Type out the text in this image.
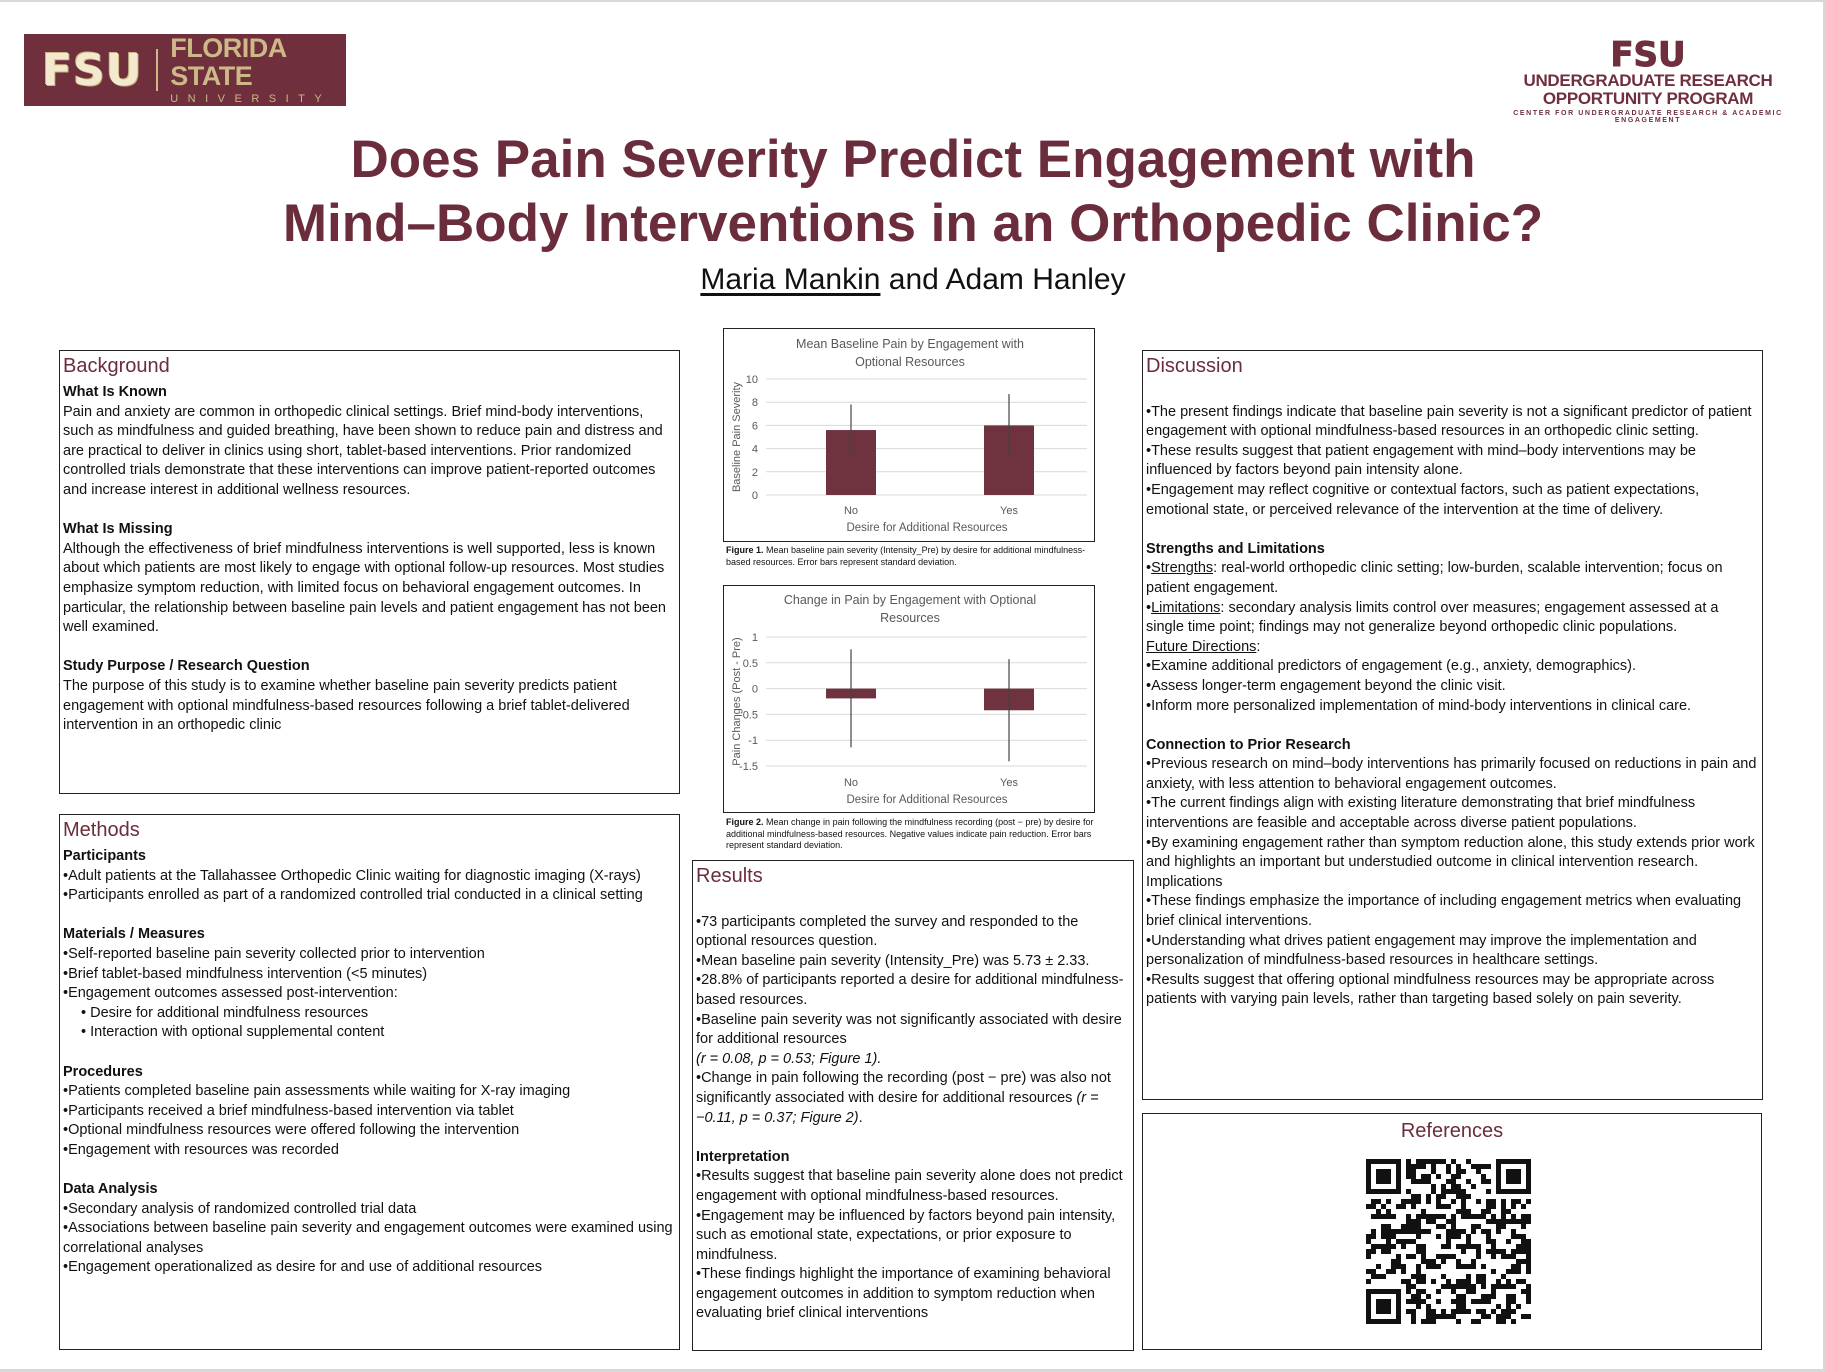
FSU FLORIDA STATE
UNIVERSITY
FSU
UNDERGRADUATE RESEARCH
OPPORTUNITY PROGRAM
CENTER FOR UNDERGRADUATE RESEARCH & ACADEMIC ENGAGEMENT
Does Pain Severity Predict Engagement with
Mind–Body Interventions in an Orthopedic Clinic?
Maria Mankin and Adam Hanley
Background
What Is Known
Pain and anxiety are common in orthopedic clinical settings. Brief mind-body interventions, such as mindfulness and guided breathing, have been shown to reduce pain and distress and are practical to deliver in clinics using short, tablet-based interventions. Prior randomized controlled trials demonstrate that these interventions can improve patient-reported outcomes and increase interest in additional wellness resources.
What Is Missing
Although the effectiveness of brief mindfulness interventions is well supported, less is known about which patients are most likely to engage with optional follow-up resources. Most studies emphasize symptom reduction, with limited focus on behavioral engagement outcomes. In particular, the relationship between baseline pain levels and patient engagement has not been well examined.
Study Purpose / Research Question
The purpose of this study is to examine whether baseline pain severity predicts patient engagement with optional mindfulness-based resources following a brief tablet-delivered intervention in an orthopedic clinic
Methods
Participants
•Adult patients at the Tallahassee Orthopedic Clinic waiting for diagnostic imaging (X-rays)
•Participants enrolled as part of a randomized controlled trial conducted in a clinical setting
Materials / Measures
•Self-reported baseline pain severity collected prior to intervention
•Brief tablet-based mindfulness intervention (<5 minutes)
•Engagement outcomes assessed post-intervention:
• Desire for additional mindfulness resources
• Interaction with optional supplemental content
Procedures
•Patients completed baseline pain assessments while waiting for X-ray imaging
•Participants received a brief mindfulness-based intervention via tablet
•Optional mindfulness resources were offered following the intervention
•Engagement with resources was recorded
Data Analysis
•Secondary analysis of randomized controlled trial data
•Associations between baseline pain severity and engagement outcomes were examined using correlational analyses
•Engagement operationalized as desire for and use of additional resources
Mean Baseline Pain by Engagement with
Optional Resources
0
2
4
6
8
10
Baseline Pain Severity
No	Yes
Desire for Additional Resources
Figure 1. Mean baseline pain severity (Intensity_Pre) by desire for additional mindfulness-based resources. Error bars represent standard deviation.
Change in Pain by Engagement with Optional
Resources
1
0.5
0
-0.5
-1
-1.5
Pain Changes (Post - Pre)
No	Yes
Desire for Additional Resources
Figure 2. Mean change in pain following the mindfulness recording (post − pre) by desire for additional mindfulness-based resources. Negative values indicate pain reduction. Error bars represent standard deviation.
Results
•73 participants completed the survey and responded to the optional resources question.
•Mean baseline pain severity (Intensity_Pre) was 5.73 ± 2.33.
•28.8% of participants reported a desire for additional mindfulness-based resources.
•Baseline pain severity was not significantly associated with desire for additional resources
(r = 0.08, p = 0.53; Figure 1).
•Change in pain following the recording (post − pre) was also not significantly associated with desire for additional resources (r = −0.11, p = 0.37; Figure 2).
Interpretation
•Results suggest that baseline pain severity alone does not predict engagement with optional mindfulness-based resources.
•Engagement may be influenced by factors beyond pain intensity, such as emotional state, expectations, or prior exposure to mindfulness.
•These findings highlight the importance of examining behavioral engagement outcomes in addition to symptom reduction when evaluating brief clinical interventions
Discussion
•The present findings indicate that baseline pain severity is not a significant predictor of patient engagement with optional mindfulness-based resources in an orthopedic clinic setting.
•These results suggest that patient engagement with mind–body interventions may be influenced by factors beyond pain intensity alone.
•Engagement may reflect cognitive or contextual factors, such as patient expectations, emotional state, or perceived relevance of the intervention at the time of delivery.
Strengths and Limitations
•Strengths: real-world orthopedic clinic setting; low-burden, scalable intervention; focus on patient engagement.
•Limitations: secondary analysis limits control over measures; engagement assessed at a single time point; findings may not generalize beyond orthopedic clinic populations.
Future Directions:
•Examine additional predictors of engagement (e.g., anxiety, demographics).
•Assess longer-term engagement beyond the clinic visit.
•Inform more personalized implementation of mind-body interventions in clinical care.
Connection to Prior Research
•Previous research on mind–body interventions has primarily focused on reductions in pain and anxiety, with less attention to behavioral engagement outcomes.
•The current findings align with existing literature demonstrating that brief mindfulness interventions are feasible and acceptable across diverse patient populations.
•By examining engagement rather than symptom reduction alone, this study extends prior work and highlights an important but understudied outcome in clinical intervention research.
Implications
•These findings emphasize the importance of including engagement metrics when evaluating brief clinical interventions.
•Understanding what drives patient engagement may improve the implementation and personalization of mindfulness-based resources in healthcare settings.
•Results suggest that offering optional mindfulness resources may be appropriate across patients with varying pain levels, rather than targeting based solely on pain severity.
References
